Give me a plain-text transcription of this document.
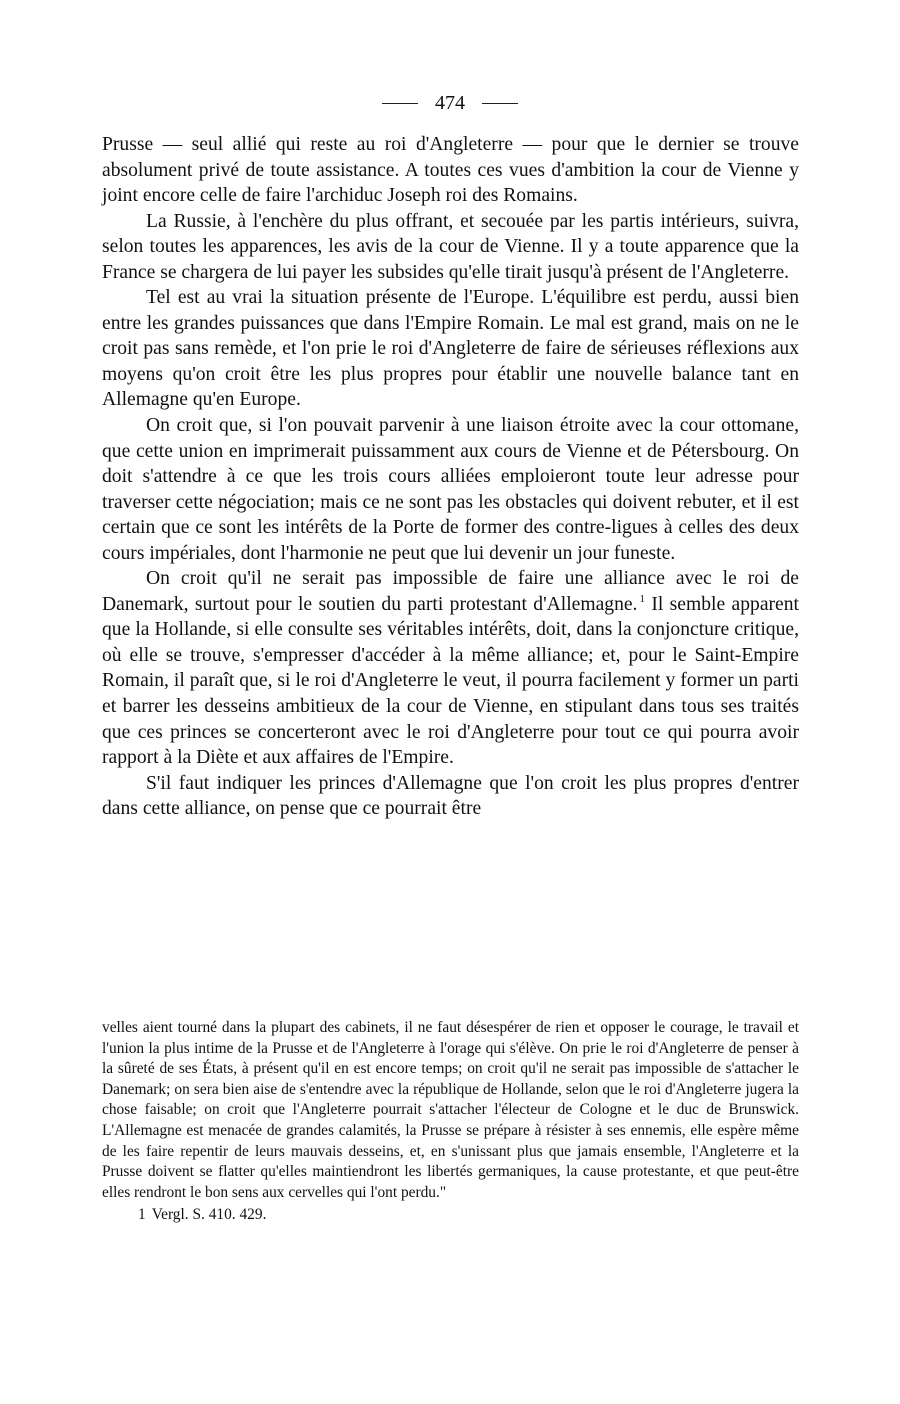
474

Prusse — seul allié qui reste au roi d'Angleterre — pour que le dernier se trouve absolument privé de toute assistance. A toutes ces vues d'ambition la cour de Vienne y joint encore celle de faire l'archiduc Joseph roi des Romains.

La Russie, à l'enchère du plus offrant, et secouée par les partis intérieurs, suivra, selon toutes les apparences, les avis de la cour de Vienne. Il y a toute apparence que la France se chargera de lui payer les subsides qu'elle tirait jusqu'à présent de l'Angleterre.

Tel est au vrai la situation présente de l'Europe. L'équilibre est perdu, aussi bien entre les grandes puissances que dans l'Empire Romain. Le mal est grand, mais on ne le croit pas sans remède, et l'on prie le roi d'Angleterre de faire de sérieuses réflexions aux moyens qu'on croit être les plus propres pour établir une nouvelle balance tant en Allemagne qu'en Europe.

On croit que, si l'on pouvait parvenir à une liaison étroite avec la cour ottomane, que cette union en imprimerait puissamment aux cours de Vienne et de Pétersbourg. On doit s'attendre à ce que les trois cours alliées emploieront toute leur adresse pour traverser cette négociation; mais ce ne sont pas les obstacles qui doivent rebuter, et il est certain que ce sont les intérêts de la Porte de former des contre-ligues à celles des deux cours impériales, dont l'harmonie ne peut que lui devenir un jour funeste.

On croit qu'il ne serait pas impossible de faire une alliance avec le roi de Danemark, surtout pour le soutien du parti protestant d'Allemagne. $^1$ Il semble apparent que la Hollande, si elle consulte ses véritables intérêts, doit, dans la conjoncture critique, où elle se trouve, s'empresser d'accéder à la même alliance; et, pour le Saint-Empire Romain, il paraît que, si le roi d'Angleterre le veut, il pourra facilement y former un parti et barrer les desseins ambitieux de la cour de Vienne, en stipulant dans tous ses traités que ces princes se concerteront avec le roi d'Angleterre pour tout ce qui pourra avoir rapport à la Diète et aux affaires de l'Empire.

S'il faut indiquer les princes d'Allemagne que l'on croit les plus propres d'entrer dans cette alliance, on pense que ce pourrait être

velles aient tourné dans la plupart des cabinets, il ne faut désespérer de rien et opposer le courage, le travail et l'union la plus intime de la Prusse et de l'Angleterre à l'orage qui s'élève. On prie le roi d'Angleterre de penser à la sûreté de ses États, à présent qu'il en est encore temps; on croit qu'il ne serait pas impossible de s'attacher le Danemark; on sera bien aise de s'entendre avec la république de Hollande, selon que le roi d'Angleterre jugera la chose faisable; on croit que l'Angleterre pourrait s'attacher l'électeur de Cologne et le duc de Brunswick. L'Allemagne est menacée de grandes calamités, la Prusse se prépare à résister à ses ennemis, elle espère même de les faire repentir de leurs mauvais desseins, et, en s'unissant plus que jamais ensemble, l'Angleterre et la Prusse doivent se flatter qu'elles maintiendront les libertés germaniques, la cause protestante, et que peut-être elles rendront le bon sens aux cervelles qui l'ont perdu."

1 Vergl. S. 410. 429.
